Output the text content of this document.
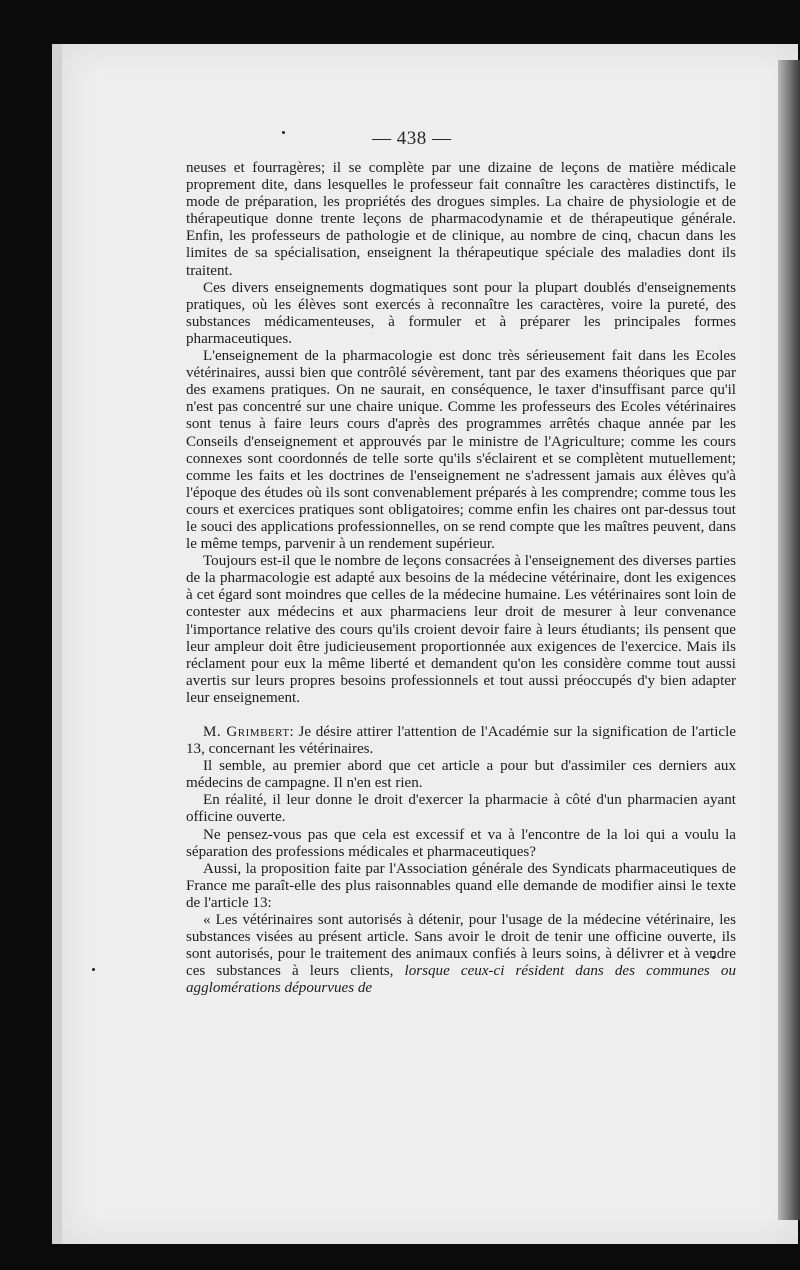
— 438 —

neuses et fourragères; il se complète par une dizaine de leçons de matière médicale proprement dite, dans lesquelles le professeur fait connaître les caractères distinctifs, le mode de préparation, les propriétés des drogues simples. La chaire de physiologie et de thérapeutique donne trente leçons de pharmacodynamie et de thérapeutique générale. Enfin, les professeurs de pathologie et de clinique, au nombre de cinq, chacun dans les limites de sa spécialisation, enseignent la thérapeutique spéciale des maladies dont ils traitent.

Ces divers enseignements dogmatiques sont pour la plupart doublés d'enseignements pratiques, où les élèves sont exercés à reconnaître les caractères, voire la pureté, des substances médicamenteuses, à formuler et à préparer les principales formes pharmaceutiques.

L'enseignement de la pharmacologie est donc très sérieusement fait dans les Ecoles vétérinaires, aussi bien que contrôlé sévèrement, tant par des examens théoriques que par des examens pratiques. On ne saurait, en conséquence, le taxer d'insuffisant parce qu'il n'est pas concentré sur une chaire unique. Comme les professeurs des Ecoles vétérinaires sont tenus à faire leurs cours d'après des programmes arrêtés chaque année par les Conseils d'enseignement et approuvés par le ministre de l'Agriculture; comme les cours connexes sont coordonnés de telle sorte qu'ils s'éclairent et se complètent mutuellement; comme les faits et les doctrines de l'enseignement ne s'adressent jamais aux élèves qu'à l'époque des études où ils sont convenablement préparés à les comprendre; comme tous les cours et exercices pratiques sont obligatoires; comme enfin les chaires ont par-dessus tout le souci des applications professionnelles, on se rend compte que les maîtres peuvent, dans le même temps, parvenir à un rendement supérieur.

Toujours est-il que le nombre de leçons consacrées à l'enseignement des diverses parties de la pharmacologie est adapté aux besoins de la médecine vétérinaire, dont les exigences à cet égard sont moindres que celles de la médecine humaine. Les vétérinaires sont loin de contester aux médecins et aux pharmaciens leur droit de mesurer à leur convenance l'importance relative des cours qu'ils croient devoir faire à leurs étudiants; ils pensent que leur ampleur doit être judicieusement proportionnée aux exigences de l'exercice. Mais ils réclament pour eux la même liberté et demandent qu'on les considère comme tout aussi avertis sur leurs propres besoins professionnels et tout aussi préoccupés d'y bien adapter leur enseignement.

M. Grimbert: Je désire attirer l'attention de l'Académie sur la signification de l'article 13, concernant les vétérinaires.

Il semble, au premier abord que cet article a pour but d'assimiler ces derniers aux médecins de campagne. Il n'en est rien.

En réalité, il leur donne le droit d'exercer la pharmacie à côté d'un pharmacien ayant officine ouverte.

Ne pensez-vous pas que cela est excessif et va à l'encontre de la loi qui a voulu la séparation des professions médicales et pharmaceutiques?

Aussi, la proposition faite par l'Association générale des Syndicats pharmaceutiques de France me paraît-elle des plus raisonnables quand elle demande de modifier ainsi le texte de l'article 13:

« Les vétérinaires sont autorisés à détenir, pour l'usage de la médecine vétérinaire, les substances visées au présent article. Sans avoir le droit de tenir une officine ouverte, ils sont autorisés, pour le traitement des animaux confiés à leurs soins, à délivrer et à vendre ces substances à leurs clients, lorsque ceux-ci résident dans des communes ou agglomérations dépourvues de
